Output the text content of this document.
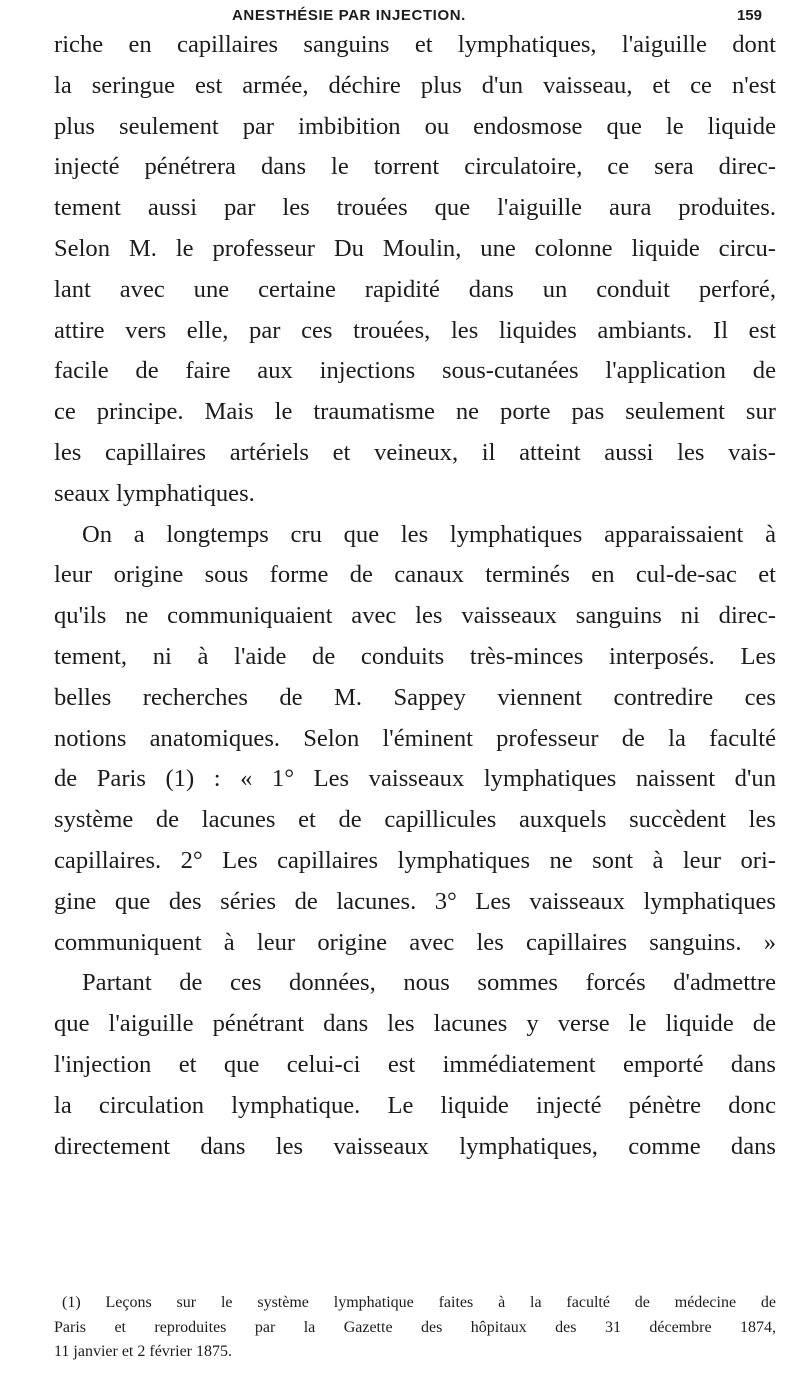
ANESTHÉSIE PAR INJECTION.	159
riche en capillaires sanguins et lymphatiques, l'aiguille dont
la seringue est armée, déchire plus d'un vaisseau, et ce n'est
plus seulement par imbibition ou endosmose que le liquide
injecté pénétrera dans le torrent circulatoire, ce sera direc-
tement aussi par les trouées que l'aiguille aura produites.
Selon M. le professeur Du Moulin, une colonne liquide circu-
lant avec une certaine rapidité dans un conduit perforé,
attire vers elle, par ces trouées, les liquides ambiants. Il est
facile de faire aux injections sous-cutanées l'application de
ce principe. Mais le traumatisme ne porte pas seulement sur
les capillaires artériels et veineux, il atteint aussi les vais-
seaux lymphatiques.
On a longtemps cru que les lymphatiques apparaissaient à
leur origine sous forme de canaux terminés en cul-de-sac et
qu'ils ne communiquaient avec les vaisseaux sanguins ni direc-
tement, ni à l'aide de conduits très-minces interposés. Les
belles recherches de M. Sappey viennent contredire ces
notions anatomiques. Selon l'éminent professeur de la faculté
de Paris (1) : « 1° Les vaisseaux lymphatiques naissent d'un
système de lacunes et de capillicules auxquels succèdent les
capillaires. 2° Les capillaires lymphatiques ne sont à leur ori-
gine que des séries de lacunes. 3° Les vaisseaux lymphatiques
communiquent à leur origine avec les capillaires sanguins. »
Partant de ces données, nous sommes forcés d'admettre
que l'aiguille pénétrant dans les lacunes y verse le liquide de
l'injection et que celui-ci est immédiatement emporté dans
la circulation lymphatique. Le liquide injecté pénètre donc
directement dans les vaisseaux lymphatiques, comme dans
(1) Leçons sur le système lymphatique faites à la faculté de médecine de
Paris et reproduites par la Gazette des hôpitaux des 31 décembre 1874,
11 janvier et 2 février 1875.
